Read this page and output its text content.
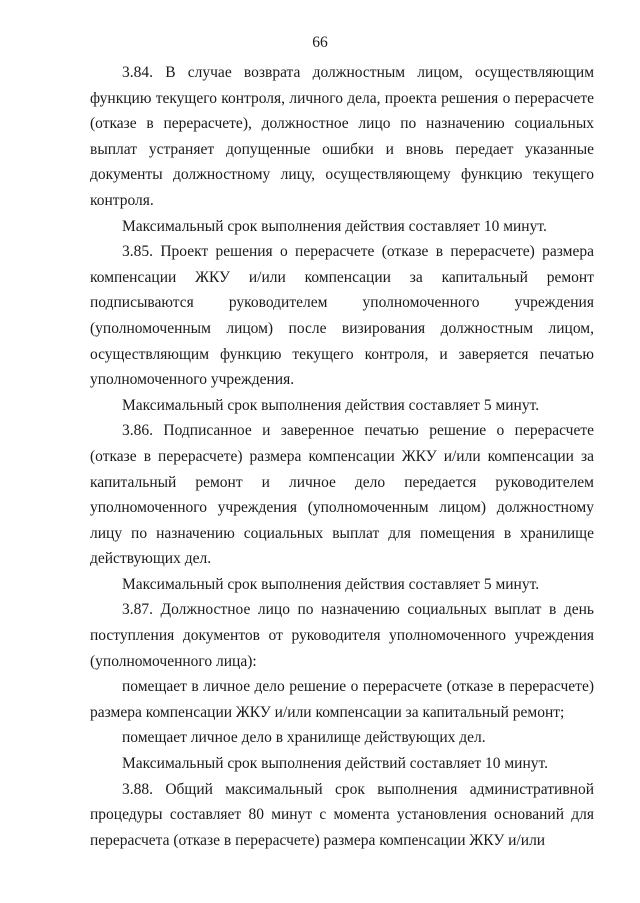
66

3.84. В случае возврата должностным лицом, осуществляющим функцию текущего контроля, личного дела, проекта решения о перерасчете (отказе в перерасчете), должностное лицо по назначению социальных выплат устраняет допущенные ошибки и вновь передает указанные документы должностному лицу, осуществляющему функцию текущего контроля.

Максимальный срок выполнения действия составляет 10 минут.

3.85. Проект решения о перерасчете (отказе в перерасчете) размера компенсации ЖКУ и/или компенсации за капитальный ремонт подписываются руководителем уполномоченного учреждения (уполномоченным лицом) после визирования должностным лицом, осуществляющим функцию текущего контроля, и заверяется печатью уполномоченного учреждения.

Максимальный срок выполнения действия составляет 5 минут.

3.86. Подписанное и заверенное печатью решение о перерасчете (отказе в перерасчете) размера компенсации ЖКУ и/или компенсации за капитальный ремонт и личное дело передается руководителем уполномоченного учреждения (уполномоченным лицом) должностному лицу по назначению социальных выплат для помещения в хранилище действующих дел.

Максимальный срок выполнения действия составляет 5 минут.

3.87. Должностное лицо по назначению социальных выплат в день поступления документов от руководителя уполномоченного учреждения (уполномоченного лица):

помещает в личное дело решение о перерасчете (отказе в перерасчете) размера компенсации ЖКУ и/или компенсации за капитальный ремонт;

помещает личное дело в хранилище действующих дел.

Максимальный срок выполнения действий составляет 10 минут.

3.88. Общий максимальный срок выполнения административной процедуры составляет 80 минут с момента установления оснований для перерасчета (отказе в перерасчете) размера компенсации ЖКУ и/или
